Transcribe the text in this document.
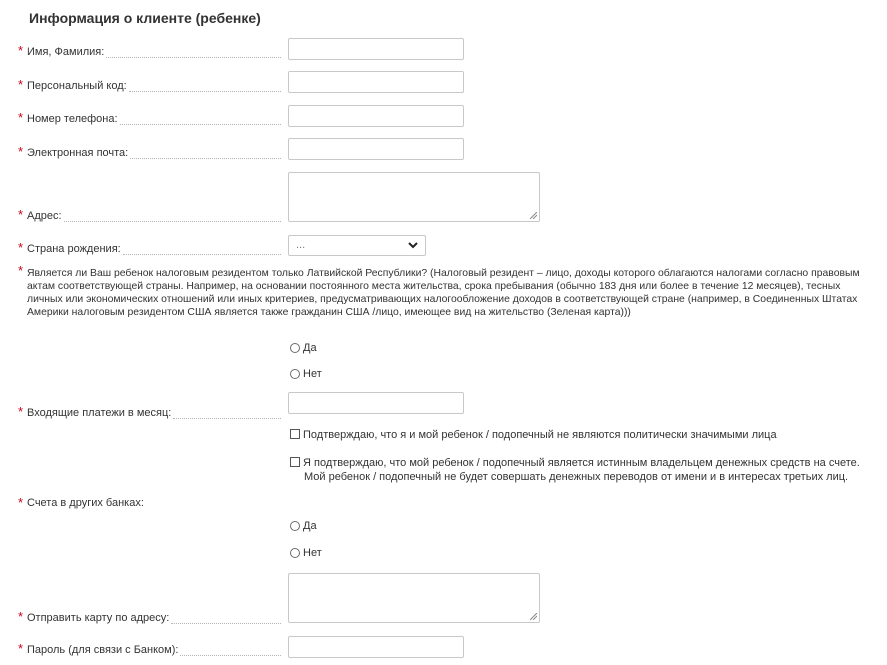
Информация о клиенте (ребенке)
* Имя, Фамилия:
* Персональный код:
* Номер телефона:
* Электронная почта:
* Адрес:
* Страна рождения:	...
* Является ли Ваш ребенок налоговым резидентом только Латвийской Республики? (Налоговый резидент – лицо, доходы которого облагаются налогами согласно правовым актам соответствующей страны. Например, на основании постоянного места жительства, срока пребывания (обычно 183 дня или более в течение 12 месяцев), тесных личных или экономических отношений или иных критериев, предусматривающих налогообложение доходов в соответствующей стране (например, в Соединенных Штатах Америки налоговым резидентом США является также гражданин США /лицо, имеющее вид на жительство (Зеленая карта)))
Да
Нет
* Входящие платежи в месяц:
Подтверждаю, что я и мой ребенок / подопечный не являются политически значимыми лица
Я подтверждаю, что мой ребенок / подопечный является истинным владельцем денежных средств на счете.
Мой ребенок / подопечный не будет совершать денежных переводов от имени и в интересах третьих лиц.
* Счета в других банках:
Да
Нет
* Отправить карту по адресу:
* Пароль (для связи с Банком):
